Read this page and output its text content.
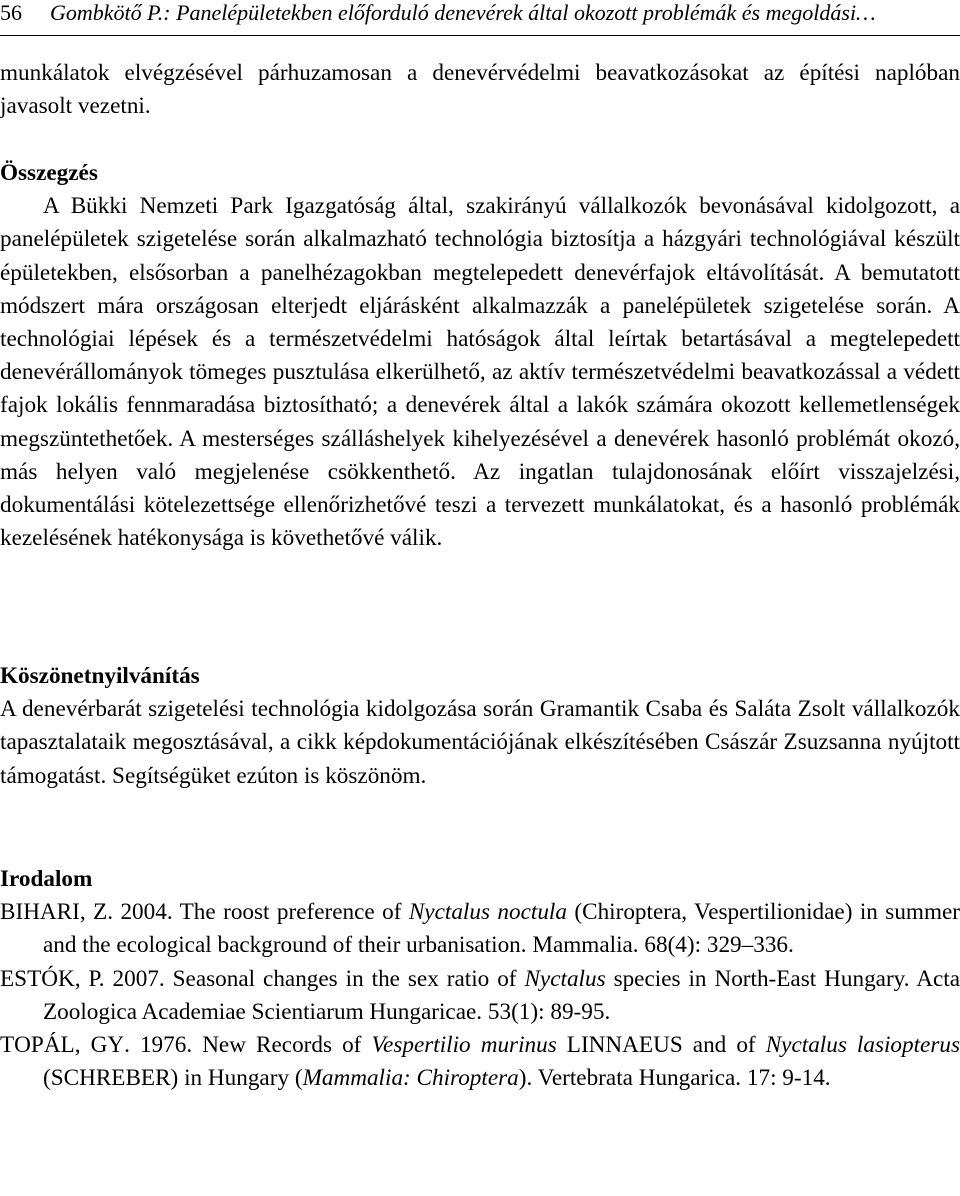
56 Gombkötő P.: Panelépületekben előforduló denevérek által okozott problémák és megoldási…

munkálatok elvégzésével párhuzamosan a denevérvédelmi beavatkozásokat az építési naplóban javasolt vezetni.

Összegzés

A Bükki Nemzeti Park Igazgatóság által, szakirányú vállalkozók bevonásával kidolgozott, a panelépületek szigetelése során alkalmazható technológia biztosítja a házgyári technológiával készült épületekben, elsősorban a panelhézagokban megtelepedett denevérfajok eltávolítását. A bemutatott módszert mára országosan elterjedt eljárásként alkalmazzák a panelépületek szigetelése során. A technológiai lépések és a természetvédelmi hatóságok által leírtak betartásával a megtelepedett denevérállományok tömeges pusztulása elkerülhető, az aktív természetvédelmi beavatkozással a védett fajok lokális fennmaradása biztosítható; a denevérek által a lakók számára okozott kellemetlenségek megszüntethetőek. A mesterséges szálláshelyek kihelyezésével a denevérek hasonló problémát okozó, más helyen való megjelenése csökkenthető. Az ingatlan tulajdonosának előírt visszajelzési, dokumentálási kötelezettsége ellenőrizhetővé teszi a tervezett munkálatokat, és a hasonló problémák kezelésének hatékonysága is követhetővé válik.

Köszönetnyilvánítás

A denevérbarát szigetelési technológia kidolgozása során Gramantik Csaba és Saláta Zsolt vállalkozók tapasztalataik megosztásával, a cikk képdokumentációjának elkészítésében Császár Zsuzsanna nyújtott támogatást. Segítségüket ezúton is köszönöm.

Irodalom

BIHARI, Z. 2004. The roost preference of Nyctalus noctula (Chiroptera, Vespertilionidae) in summer and the ecological background of their urbanisation. Mammalia. 68(4): 329–336.

ESTÓK, P. 2007. Seasonal changes in the sex ratio of Nyctalus species in North-East Hungary. Acta Zoologica Academiae Scientiarum Hungaricae. 53(1): 89-95.

TOPÁL, GY. 1976. New Records of Vespertilio murinus LINNAEUS and of Nyctalus lasiopterus (SCHREBER) in Hungary (Mammalia: Chiroptera). Vertebrata Hungarica. 17: 9-14.
